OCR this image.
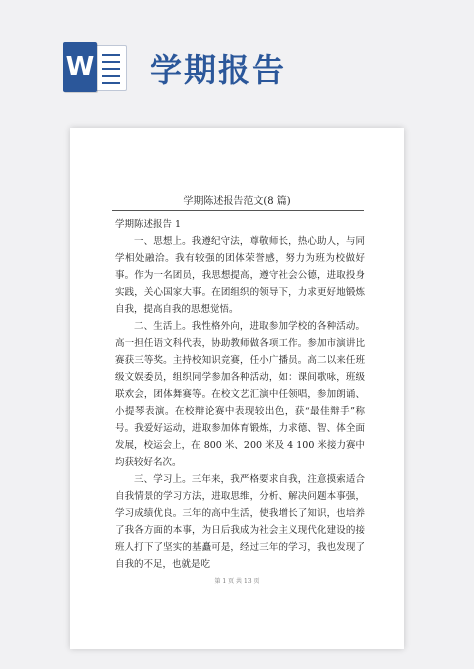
W 学期报告
学期陈述报告范文(8 篇)
学期陈述报告 1

一、思想上。我遵纪守法，尊敬师长，热心助人，与同学相处融洽。我有较强的团体荣誉感，努力为班为校做好事。作为一名团员，我思想提高，遵守社会公德，进取投身实践，关心国家大事。在团组织的领导下，力求更好地锻炼自我，提高自我的思想觉悟。

二、生活上。我性格外向，进取参加学校的各种活动。高一担任语文科代表，协助教师做各项工作。参加市演讲比赛获三等奖。主持校知识竞赛，任小广播员。高二以来任班级文娱委员，组织同学参加各种活动，如：课间歌咏，班级联欢会，团体舞赛等。在校文艺汇演中任领唱，参加朗诵、小提琴表演。在校辩论赛中表现较出色，获“最佳辩手”称号。我爱好运动，进取参加体育锻炼，力求德、智、体全面发展，校运会上，在 800 米、200 米及 4 100 米接力赛中均获较好名次。

三、学习上。三年来，我严格要求自我，注意摸索适合自我情景的学习方法，进取思维，分析、解决问题本事强，学习成绩优良。三年的高中生活，使我增长了知识，也培养了我各方面的本事，为日后我成为社会主义现代化建设的接班人打下了坚实的基矗可是，经过三年的学习，我也发现了自我的不足，也就是吃

第 1 页 共 13 页
